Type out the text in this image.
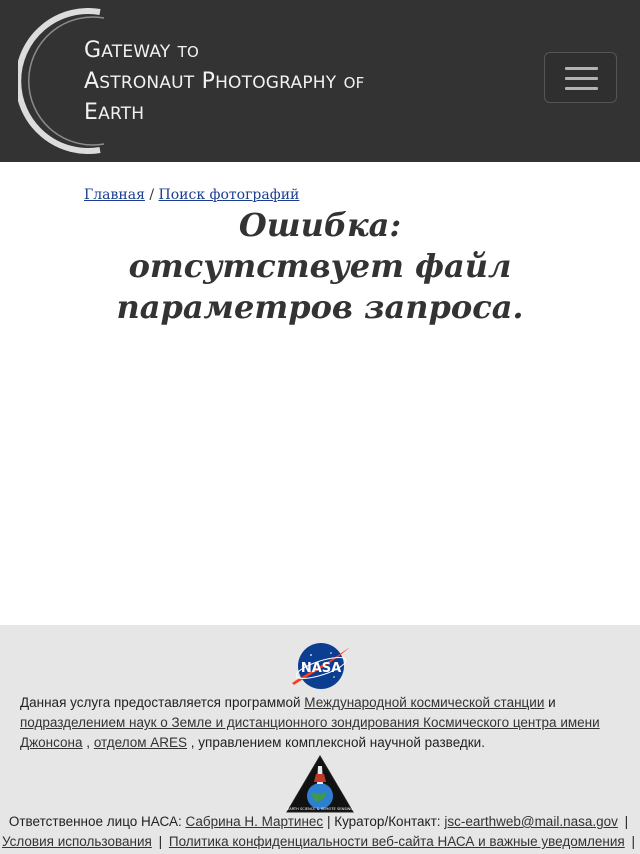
GATEWAY TO
ASTRONAUT PHOTOGRAPHY OF
EARTH
Главная / Поиск фотографий
Ошибка: отсутствует файл параметров запроса.
NASA
Данная услуга предоставляется программой Международной космической станции и подразделением наук о Земле и дистанционного зондирования Космического центра имени Джонсона , отделом ARES , управлением комплексной научной разведки.
EARTH SCIENCE & REMOTE SENSING
Ответственное лицо НАСА: Сабрина Н. Мартинес | Куратор/Контакт: jsc-earthweb@mail.nasa.gov |
Условия использования | Политика конфиденциальности веб-сайта НАСА и важные уведомления |
